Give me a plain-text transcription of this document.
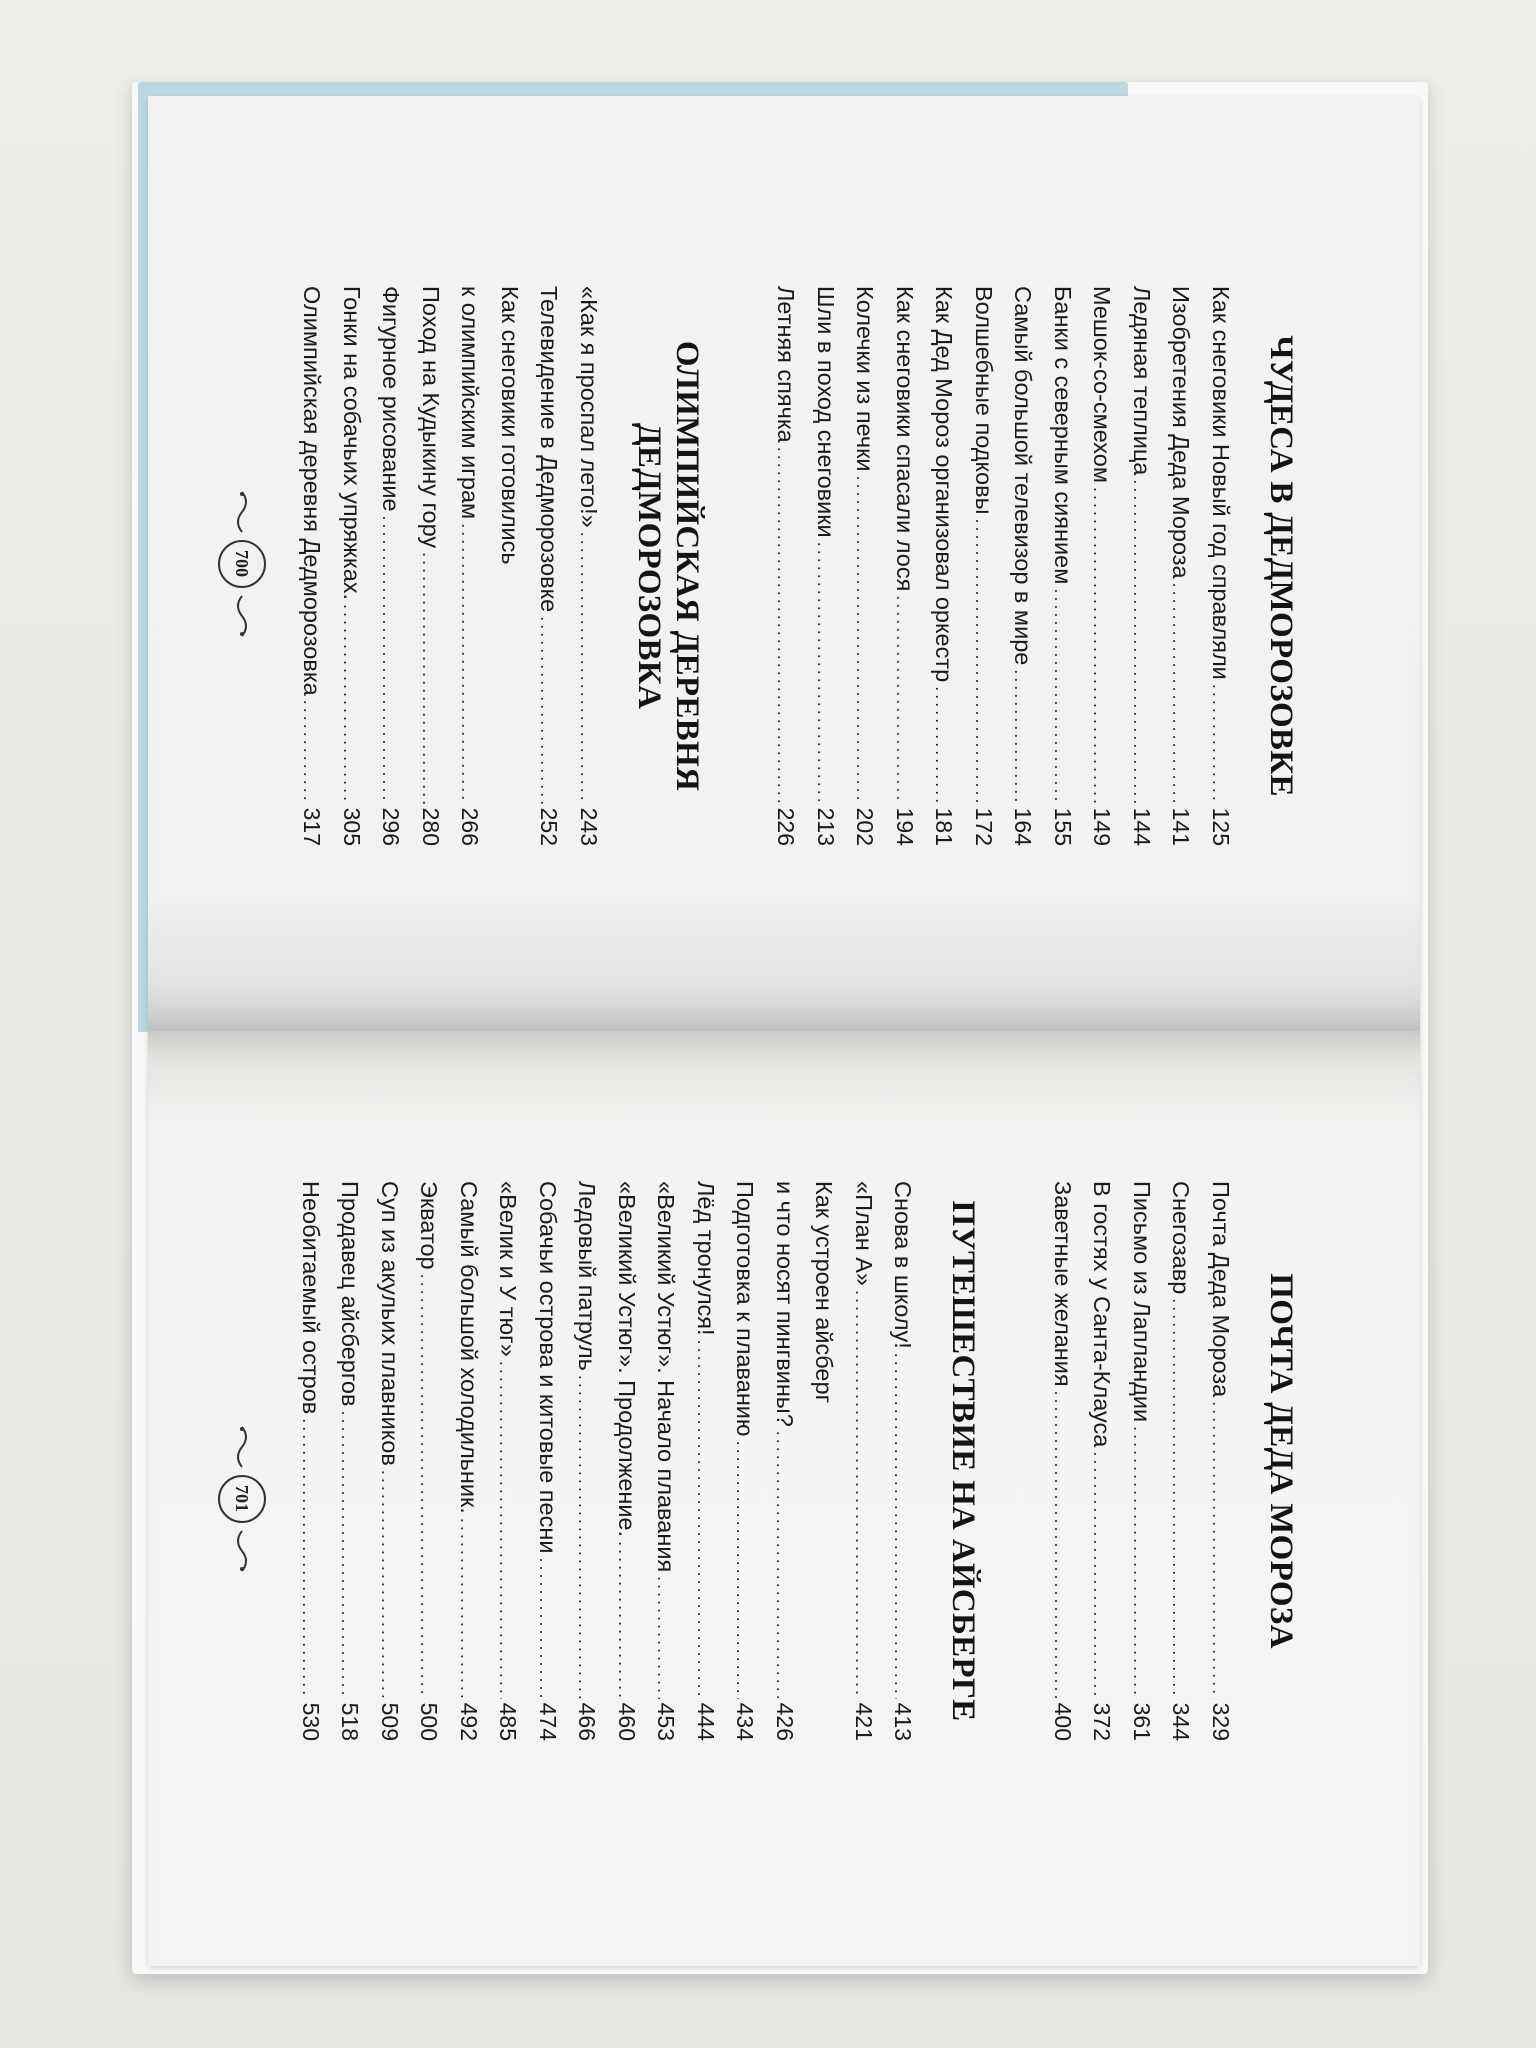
ЧУДЕСА В ДЕДМОРОЗОВКЕ
Как снеговики Новый год справляли
.....
125
Изобретения Деда Мороза
.....
141
Ледяная теплица
.....
144
Мешок-со-смехом
.....
149
Банки с северным сиянием
.....
155
Самый большой телевизор в мире
.....
164
Волшебные подковы
.....
172
Как Дед Мороз организовал оркестр
.....
181
Как снеговики спасали лося
.....
194
Колечки из печки
.....
202
Шли в поход снеговики
.....
213
Летняя спячка
.....
226
ОЛИМПИЙСКАЯ ДЕРЕВНЯ
ДЕДМОРОЗОВКА
«Как я проспал лето!»
.....
243
Телевидение в Дедморозовке
.....
252
Как снеговики готовились
к олимпийским играм
.....
266
Поход на Кудыкину гору
.....
280
Фигурное рисование
.....
296
Гонки на собачьих упряжках.
.....
305
Олимпийская деревня Дедморозовка
.....
317
700
ПОЧТА ДЕДА МОРОЗА
Почта Деда Мороза
.....
329
Снегозавр
.....
344
Письмо из Лапландии
.....
361
В гостях у Санта-Клауса
.....
372
Заветные желания
.....
400
ПУТЕШЕСТВИЕ НА АЙСБЕРГЕ
Снова в школу!
.....
413
«План А»
.....
421
Как устроен айсберг
и что носят пингвины?
.....
426
Подготовка к плаванию
.....
434
Лёд тронулся!
.....
444
«Великий Устюг». Начало плавания
.....
453
«Великий Устюг». Продолжение.
.....
460
Ледовый патруль
.....
466
Собачьи острова и китовые песни
.....
474
«Велик и У тюг»
.....
485
Самый большой холодильник.
.....
492
Экватор
.....
500
Суп из акульих плавников
.....
509
Продавец айсбергов
.....
518
Необитаемый остров
.....
530
701
